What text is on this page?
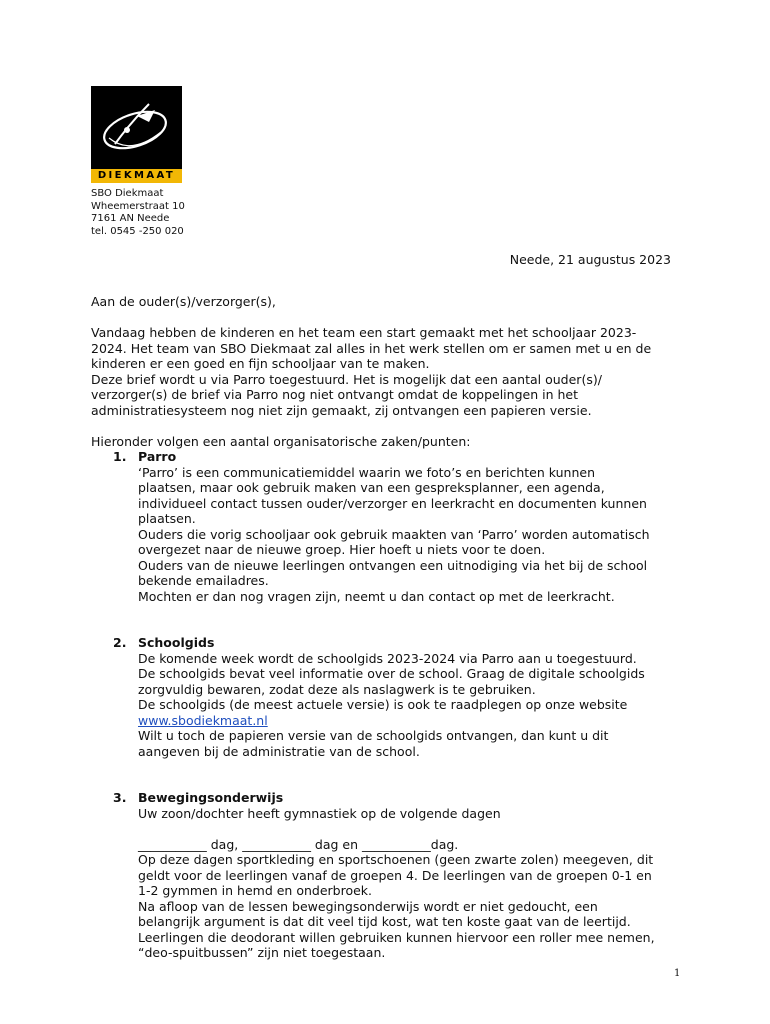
DIEKMAAT
SBO Diekmaat
Wheemerstraat 10
7161 AN Neede
tel. 0545 -250 020
Neede, 21 augustus 2023

Aan de ouder(s)/verzorger(s),

Vandaag hebben de kinderen en het team een start gemaakt met het schooljaar 2023-
2024. Het team van SBO Diekmaat zal alles in het werk stellen om er samen met u en de
kinderen er een goed en fijn schooljaar van te maken.
Deze brief wordt u via Parro toegestuurd. Het is mogelijk dat een aantal ouder(s)/
verzorger(s) de brief via Parro nog niet ontvangt omdat de koppelingen in het
administratiesysteem nog niet zijn gemaakt, zij ontvangen een papieren versie.
Hieronder volgen een aantal organisatorische zaken/punten:
1. Parro
‘Parro’ is een communicatiemiddel waarin we foto’s en berichten kunnen
plaatsen, maar ook gebruik maken van een gespreksplanner, een agenda,
individueel contact tussen ouder/verzorger en leerkracht en documenten kunnen
plaatsen.
Ouders die vorig schooljaar ook gebruik maakten van ‘Parro’ worden automatisch
overgezet naar de nieuwe groep. Hier hoeft u niets voor te doen.
Ouders van de nieuwe leerlingen ontvangen een uitnodiging via het bij de school
bekende emailadres.
Mochten er dan nog vragen zijn, neemt u dan contact op met de leerkracht.
2. Schoolgids
De komende week wordt de schoolgids 2023-2024 via Parro aan u toegestuurd.
De schoolgids bevat veel informatie over de school. Graag de digitale schoolgids
zorgvuldig bewaren, zodat deze als naslagwerk is te gebruiken.
De schoolgids (de meest actuele versie) is ook te raadplegen op onze website
www.sbodiekmaat.nl
Wilt u toch de papieren versie van de schoolgids ontvangen, dan kunt u dit
aangeven bij de administratie van de school.
3. Bewegingsonderwijs
Uw zoon/dochter heeft gymnastiek op de volgende dagen
___________ dag, ___________ dag en ___________dag.
Op deze dagen sportkleding en sportschoenen (geen zwarte zolen) meegeven, dit
geldt voor de leerlingen vanaf de groepen 4. De leerlingen van de groepen 0-1 en
1-2 gymmen in hemd en onderbroek.
Na afloop van de lessen bewegingsonderwijs wordt er niet gedoucht, een
belangrijk argument is dat dit veel tijd kost, wat ten koste gaat van de leertijd.
Leerlingen die deodorant willen gebruiken kunnen hiervoor een roller mee nemen,
“deo-spuitbussen” zijn niet toegestaan.
1
